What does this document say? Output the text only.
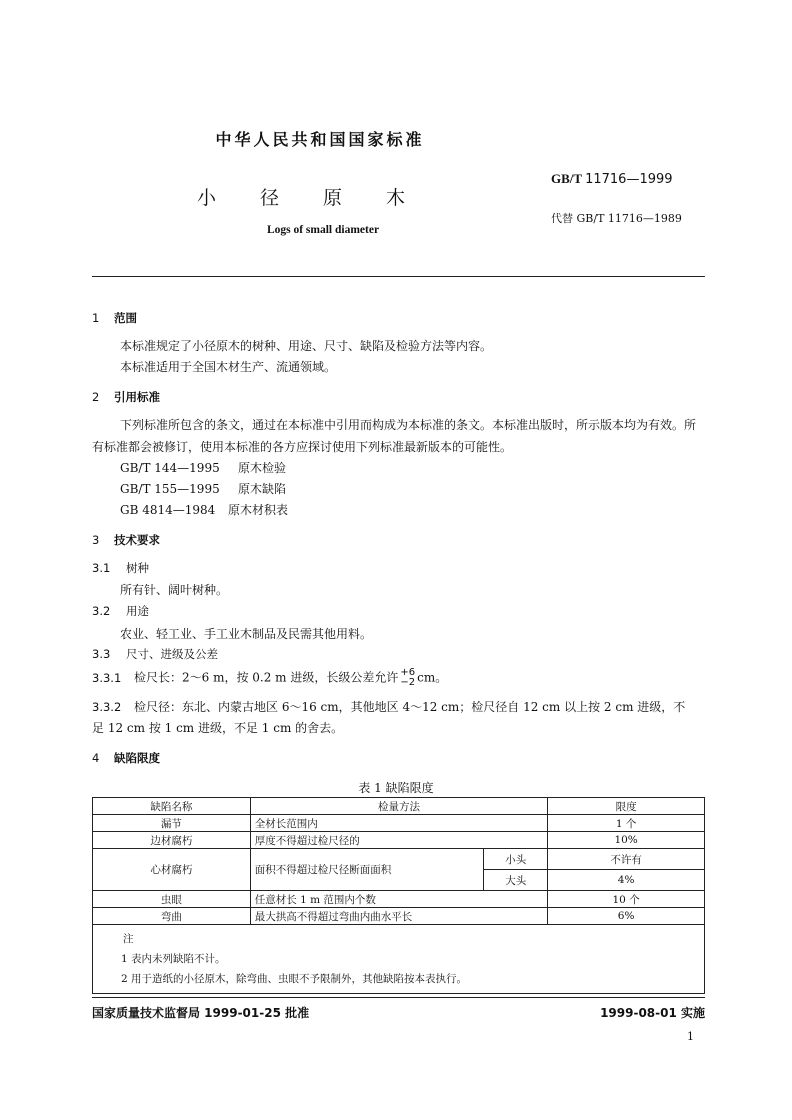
中华人民共和国国家标准
小径原木
Logs of small diameter
GB/T 11716—1999
代替 GB/T 11716—1989
1 范围
本标准规定了小径原木的树种、用途、尺寸、缺陷及检验方法等内容。
本标准适用于全国木材生产、流通领域。
2 引用标准
下列标准所包含的条文，通过在本标准中引用而构成为本标准的条文。本标准出版时，所示版本均为有效。所有标准都会被修订，使用本标准的各方应探讨使用下列标准最新版本的可能性。
GB/T 144—1995 原木检验
GB/T 155—1995 原木缺陷
GB 4814—1984 原木材积表
3 技术要求
3.1 树种
所有针、阔叶树种。
3.2 用途
农业、轻工业、手工业木制品及民需其他用料。
3.3 尺寸、进级及公差
3.3.1 检尺长：2～6 m，按 0.2 m 进级，长级公差允许 +6
−2 cm。
3.3.2 检尺径：东北、内蒙古地区 6～16 cm，其他地区 4～12 cm；检尺径自 12 cm 以上按 2 cm 进级，不
足 12 cm 按 1 cm 进级，不足 1 cm 的舍去。
4 缺陷限度
表 1 缺陷限度
缺陷名称	检量方法		限度
漏节	全材长范围内		1 个
边材腐朽	厚度不得超过检尺径的		10%
心材腐朽	面积不得超过检尺径断面面积	小头	不许有
		大头	4%
虫眼	任意材长 1 m 范围内个数		10 个
弯曲	最大拱高不得超过弯曲内曲水平长		6%

注
1 表内未列缺陷不计。
2 用于造纸的小径原木，除弯曲、虫眼不予限制外，其他缺陷按本表执行。			
国家质量技术监督局 1999-01-25 批准	1999-08-01 实施
1
